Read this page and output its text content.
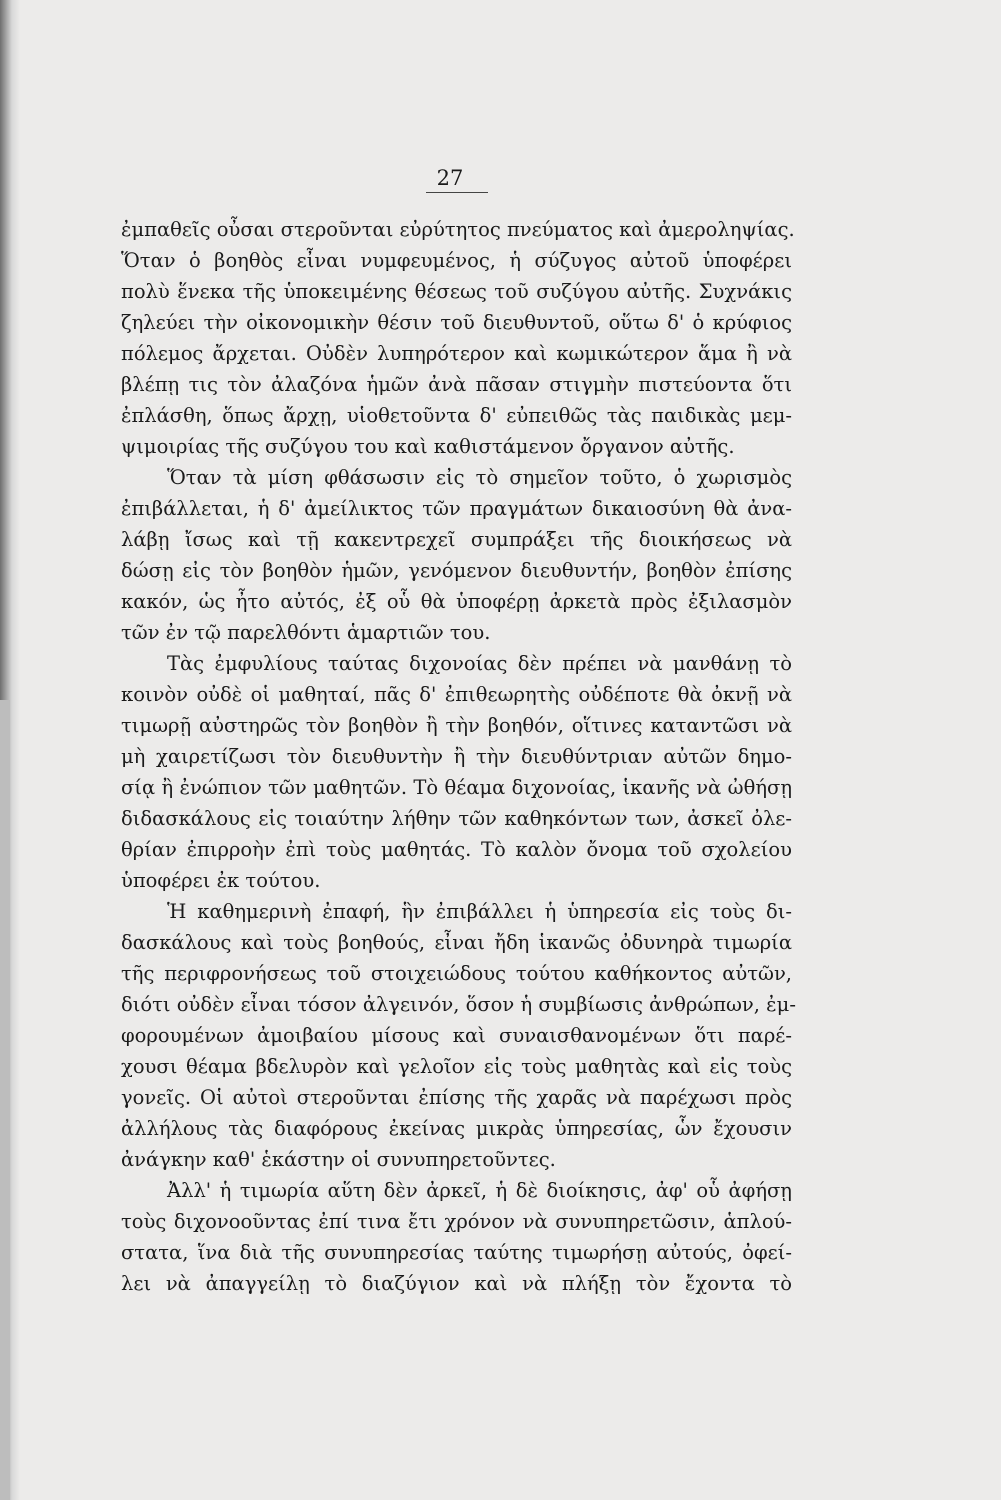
27
ἐμπαθεῖς οὖσαι στεροῦνται εὐρύτητος πνεύματος καὶ ἀμεροληψίας.
Ὅταν ὁ βοηθὸς εἶναι νυμφευμένος, ἡ σύζυγος αὐτοῦ ὑποφέρει
πολὺ ἕνεκα τῆς ὑποκειμένης θέσεως τοῦ συζύγου αὐτῆς. Συχνάκις
ζηλεύει τὴν οἰκονομικὴν θέσιν τοῦ διευθυντοῦ, οὕτω δ' ὁ κρύφιος
πόλεμος ἄρχεται. Οὐδὲν λυπηρότερον καὶ κωμικώτερον ἅμα ἢ νὰ
βλέπῃ τις τὸν ἀλαζόνα ἡμῶν ἀνὰ πᾶσαν στιγμὴν πιστεύοντα ὅτι
ἐπλάσθη, ὅπως ἄρχῃ, υἱοθετοῦντα δ' εὐπειθῶς τὰς παιδικὰς μεμ-
ψιμοιρίας τῆς συζύγου του καὶ καθιστάμενον ὄργανον αὐτῆς.
Ὅταν τὰ μίση φθάσωσιν εἰς τὸ σημεῖον τοῦτο, ὁ χωρισμὸς
ἐπιβάλλεται, ἡ δ' ἀμείλικτος τῶν πραγμάτων δικαιοσύνη θὰ ἀνα-
λάβῃ ἴσως καὶ τῇ κακεντρεχεῖ συμπράξει τῆς διοικήσεως νὰ
δώσῃ εἰς τὸν βοηθὸν ἡμῶν, γενόμενον διευθυντήν, βοηθὸν ἐπίσης
κακόν, ὡς ἦτο αὐτός, ἐξ οὗ θὰ ὑποφέρῃ ἀρκετὰ πρὸς ἐξιλασμὸν
τῶν ἐν τῷ παρελθόντι ἁμαρτιῶν του.
Τὰς ἐμφυλίους ταύτας διχονοίας δὲν πρέπει νὰ μανθάνῃ τὸ
κοινὸν οὐδὲ οἱ μαθηταί, πᾶς δ' ἐπιθεωρητὴς οὐδέποτε θὰ ὀκνῇ νὰ
τιμωρῇ αὐστηρῶς τὸν βοηθὸν ἢ τὴν βοηθόν, οἵτινες καταντῶσι νὰ
μὴ χαιρετίζωσι τὸν διευθυντὴν ἢ τὴν διευθύντριαν αὐτῶν δημο-
σίᾳ ἢ ἐνώπιον τῶν μαθητῶν. Τὸ θέαμα διχονοίας, ἱκανῆς νὰ ὠθήσῃ
διδασκάλους εἰς τοιαύτην λήθην τῶν καθηκόντων των, ἀσκεῖ ὀλε-
θρίαν ἐπιρροὴν ἐπὶ τοὺς μαθητάς. Τὸ καλὸν ὄνομα τοῦ σχολείου
ὑποφέρει ἐκ τούτου.
Ἡ καθημερινὴ ἐπαφή, ἣν ἐπιβάλλει ἡ ὑπηρεσία εἰς τοὺς δι-
δασκάλους καὶ τοὺς βοηθούς, εἶναι ἤδη ἱκανῶς ὀδυνηρὰ τιμωρία
τῆς περιφρονήσεως τοῦ στοιχειώδους τούτου καθήκοντος αὐτῶν,
διότι οὐδὲν εἶναι τόσον ἀλγεινόν, ὅσον ἡ συμβίωσις ἀνθρώπων, ἐμ-
φορουμένων ἀμοιβαίου μίσους καὶ συναισθανομένων ὅτι παρέ-
χουσι θέαμα βδελυρὸν καὶ γελοῖον εἰς τοὺς μαθητὰς καὶ εἰς τοὺς
γονεῖς. Οἱ αὐτοὶ στεροῦνται ἐπίσης τῆς χαρᾶς νὰ παρέχωσι πρὸς
ἀλλήλους τὰς διαφόρους ἐκείνας μικρὰς ὑπηρεσίας, ὧν ἔχουσιν
ἀνάγκην καθ' ἑκάστην οἱ συνυπηρετοῦντες.
Ἀλλ' ἡ τιμωρία αὕτη δὲν ἀρκεῖ, ἡ δὲ διοίκησις, ἀφ' οὗ ἀφήσῃ
τοὺς διχονοοῦντας ἐπί τινα ἔτι χρόνον νὰ συνυπηρετῶσιν, ἁπλού-
στατα, ἵνα διὰ τῆς συνυπηρεσίας ταύτης τιμωρήσῃ αὐτούς, ὀφεί-
λει νὰ ἀπαγγείλῃ τὸ διαζύγιον καὶ νὰ πλήξῃ τὸν ἔχοντα τὸ
